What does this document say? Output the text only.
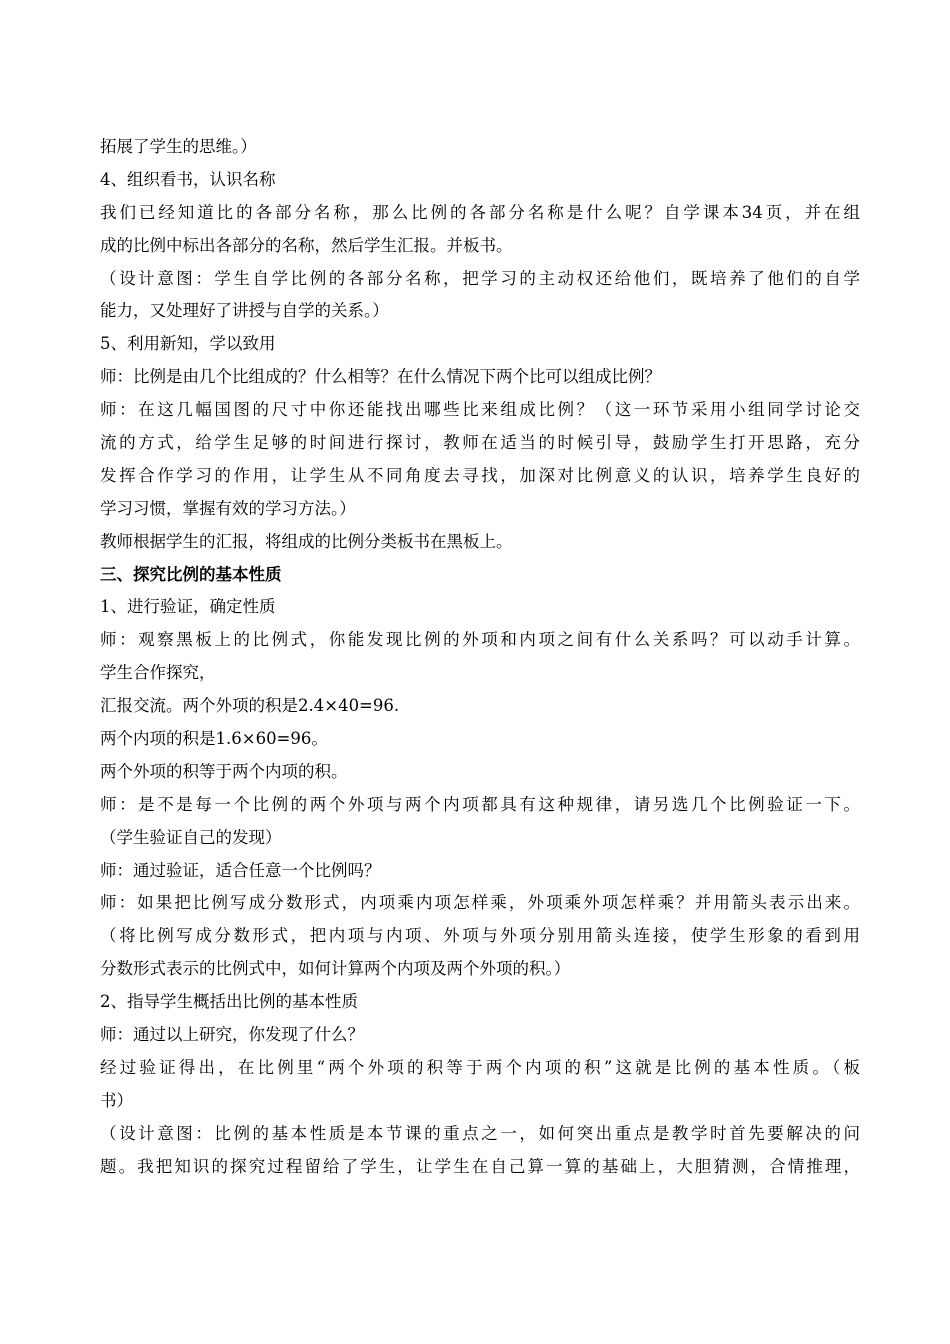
拓展了学生的思维。）
4、组织看书，认识名称
我们已经知道比的各部分名称，那么比例的各部分名称是什么呢？自学课本34页，并在组
成的比例中标出各部分的名称，然后学生汇报。并板书。
（设计意图：学生自学比例的各部分名称，把学习的主动权还给他们，既培养了他们的自学
能力，又处理好了讲授与自学的关系。）
5、利用新知，学以致用
师：比例是由几个比组成的？什么相等？在什么情况下两个比可以组成比例？
师：在这几幅国图的尺寸中你还能找出哪些比来组成比例？（这一环节采用小组同学讨论交
流的方式，给学生足够的时间进行探讨，教师在适当的时候引导，鼓励学生打开思路，充分
发挥合作学习的作用，让学生从不同角度去寻找，加深对比例意义的认识，培养学生良好的
学习习惯，掌握有效的学习方法。）
教师根据学生的汇报，将组成的比例分类板书在黑板上。
三、探究比例的基本性质
1、进行验证，确定性质
师：观察黑板上的比例式，你能发现比例的外项和内项之间有什么关系吗？可以动手计算。
学生合作探究，
汇报交流。两个外项的积是2.4×40=96.
两个内项的积是1.6×60=96。
两个外项的积等于两个内项的积。
师：是不是每一个比例的两个外项与两个内项都具有这种规律，请另选几个比例验证一下。
（学生验证自己的发现）
师：通过验证，适合任意一个比例吗？
师：如果把比例写成分数形式，内项乘内项怎样乘，外项乘外项怎样乘？并用箭头表示出来。
（将比例写成分数形式，把内项与内项、外项与外项分别用箭头连接，使学生形象的看到用
分数形式表示的比例式中，如何计算两个内项及两个外项的积。）
2、指导学生概括出比例的基本性质
师：通过以上研究，你发现了什么？
经过验证得出，在比例里“两个外项的积等于两个内项的积”这就是比例的基本性质。（板
书）
（设计意图：比例的基本性质是本节课的重点之一，如何突出重点是教学时首先要解决的问
题。我把知识的探究过程留给了学生，让学生在自己算一算的基础上，大胆猜测，合情推理，
